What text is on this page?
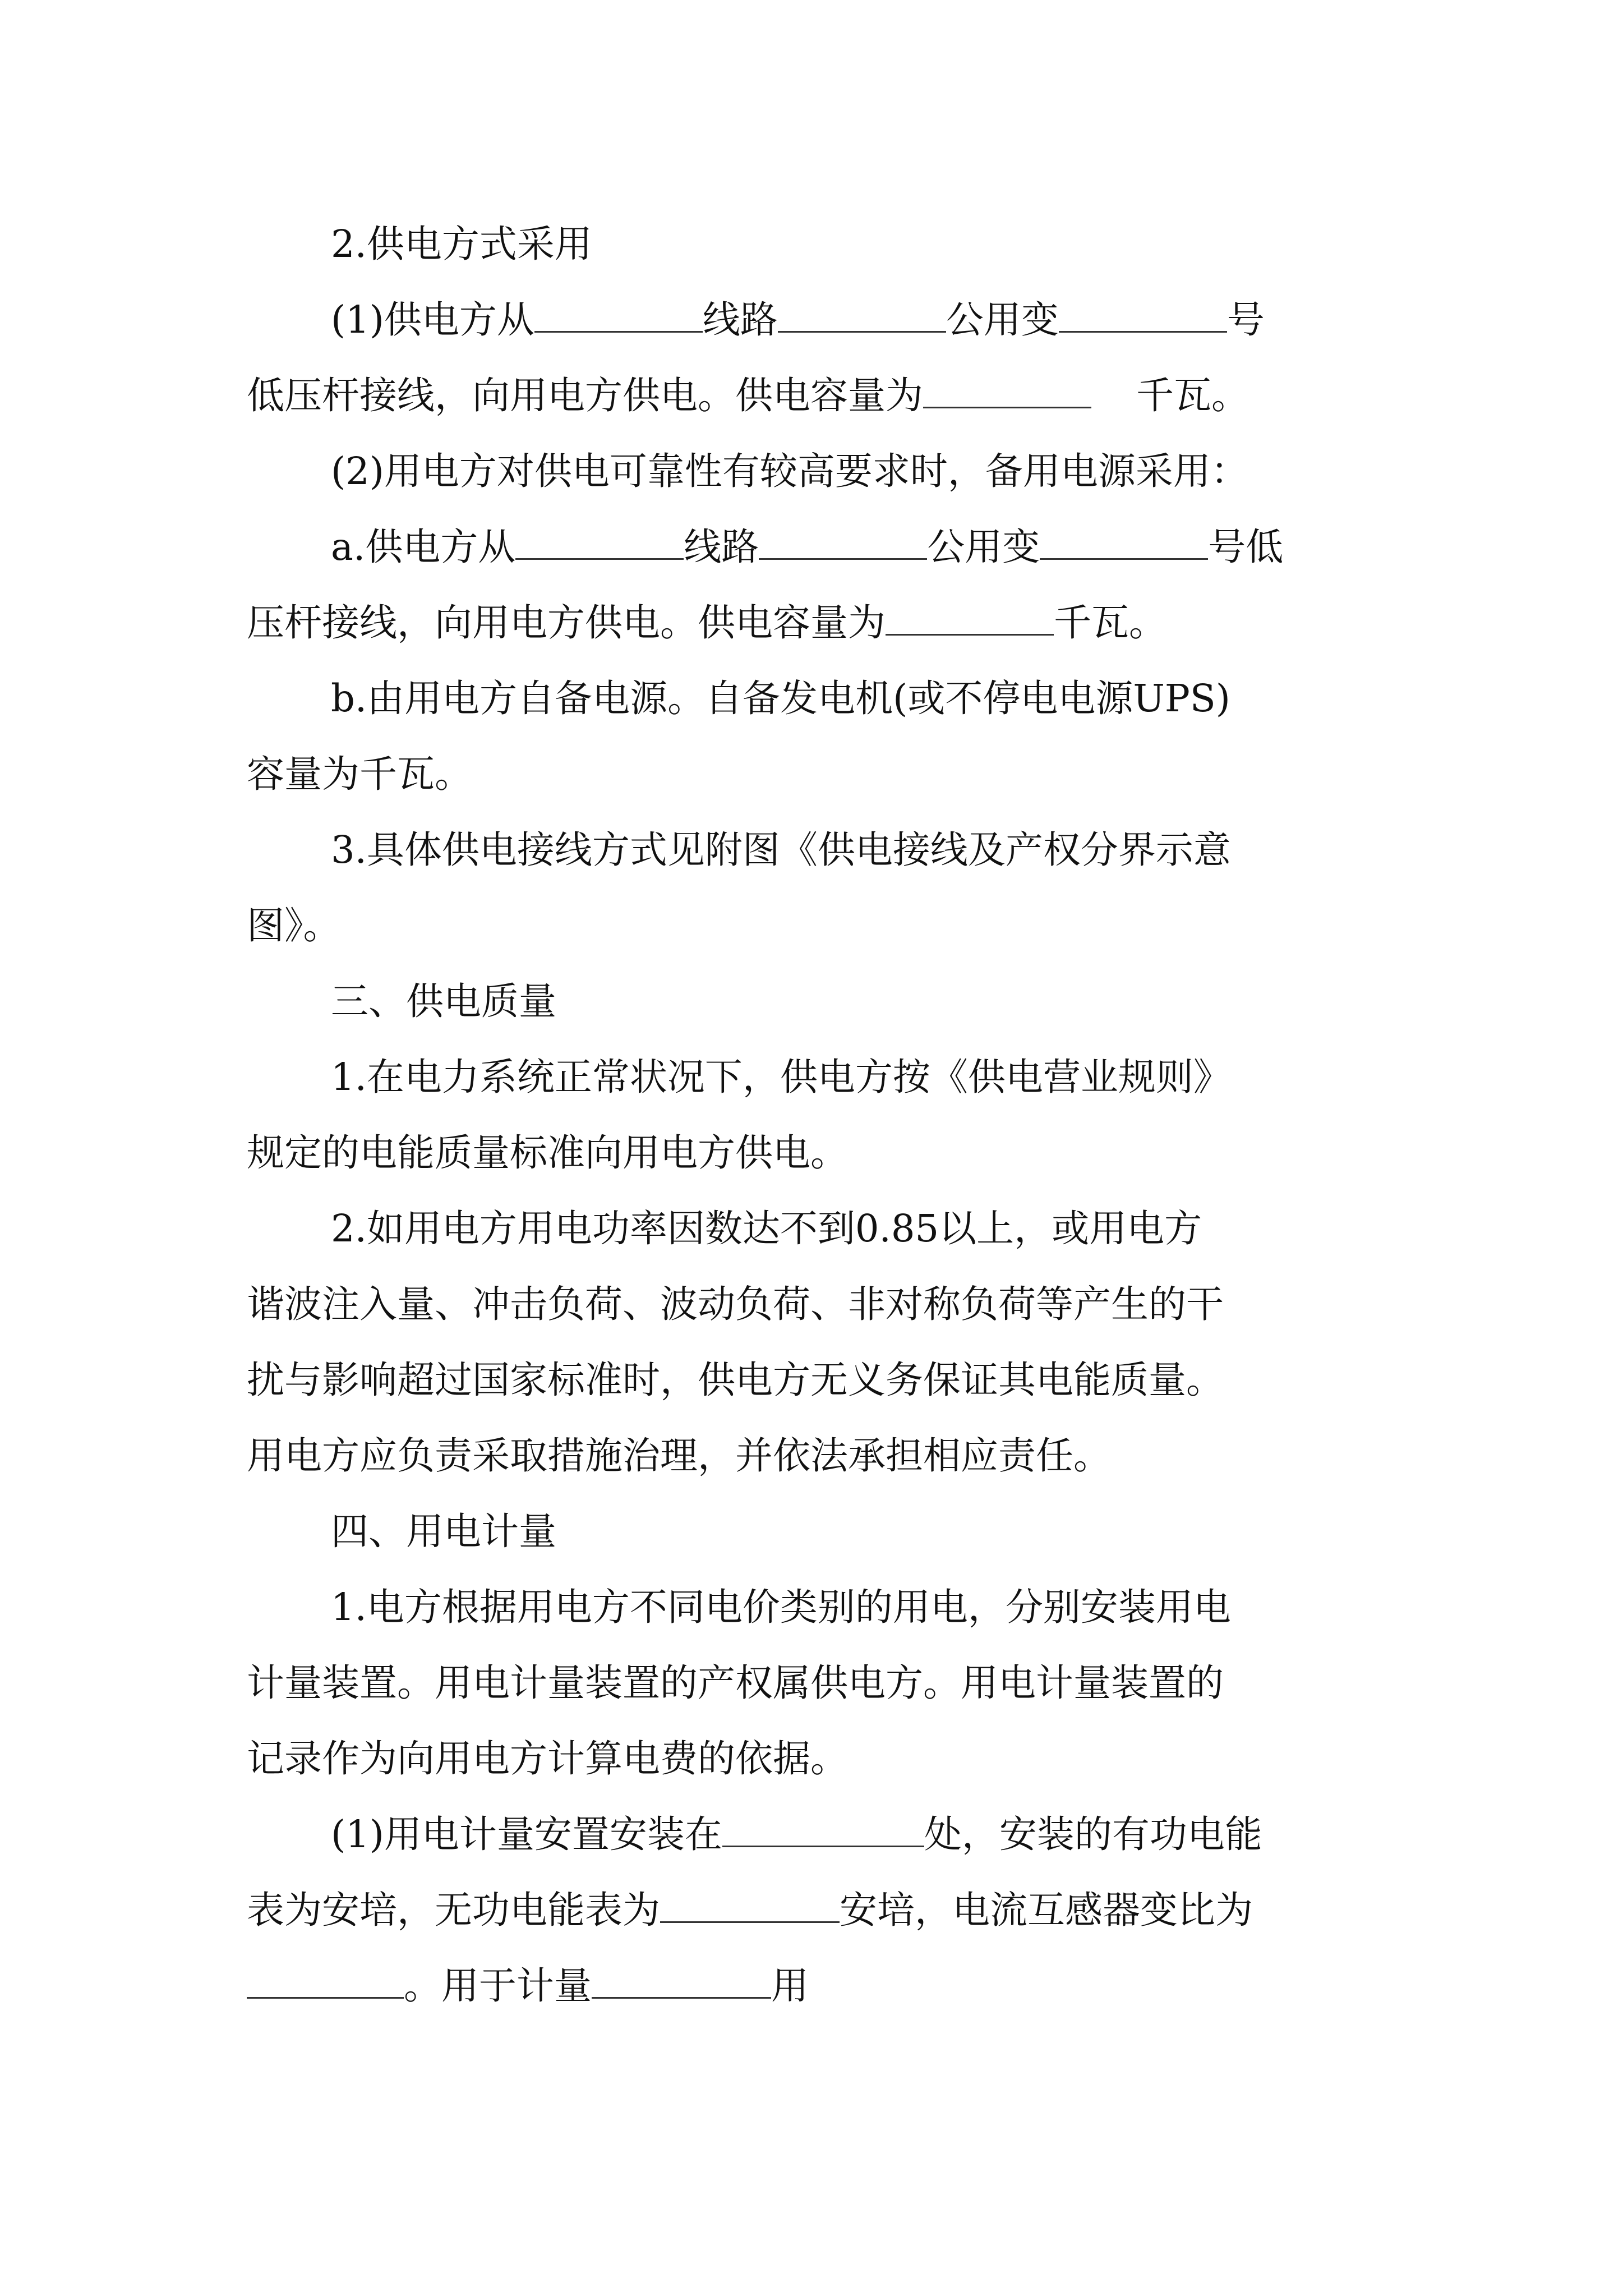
2.供电方式采用
(1)供电方从	线路	公用变	号
低压杆接线，向用电方供电。供电容量为	千瓦。
(2)用电方对供电可靠性有较高要求时，备用电源采用：
a.供电方从	线路	公用变	号低
压杆接线，向用电方供电。供电容量为	千瓦。
b.由用电方自备电源。自备发电机(或不停电电源UPS)
容量为千瓦。
3.具体供电接线方式见附图《供电接线及产权分界示意
图》。
三、供电质量
1.在电力系统正常状况下，供电方按《供电营业规则》
规定的电能质量标准向用电方供电。
2.如用电方用电功率因数达不到0.85以上，或用电方
谐波注入量、冲击负荷、波动负荷、非对称负荷等产生的干
扰与影响超过国家标准时，供电方无义务保证其电能质量。
用电方应负责采取措施治理，并依法承担相应责任。
四、用电计量
1.电方根据用电方不同电价类别的用电，分别安装用电
计量装置。用电计量装置的产权属供电方。用电计量装置的
记录作为向用电方计算电费的依据。
(1)用电计量安置安装在	处，安装的有功电能
表为安培，无功电能表为	安培，电流互感器变比为
。用于计量	用
